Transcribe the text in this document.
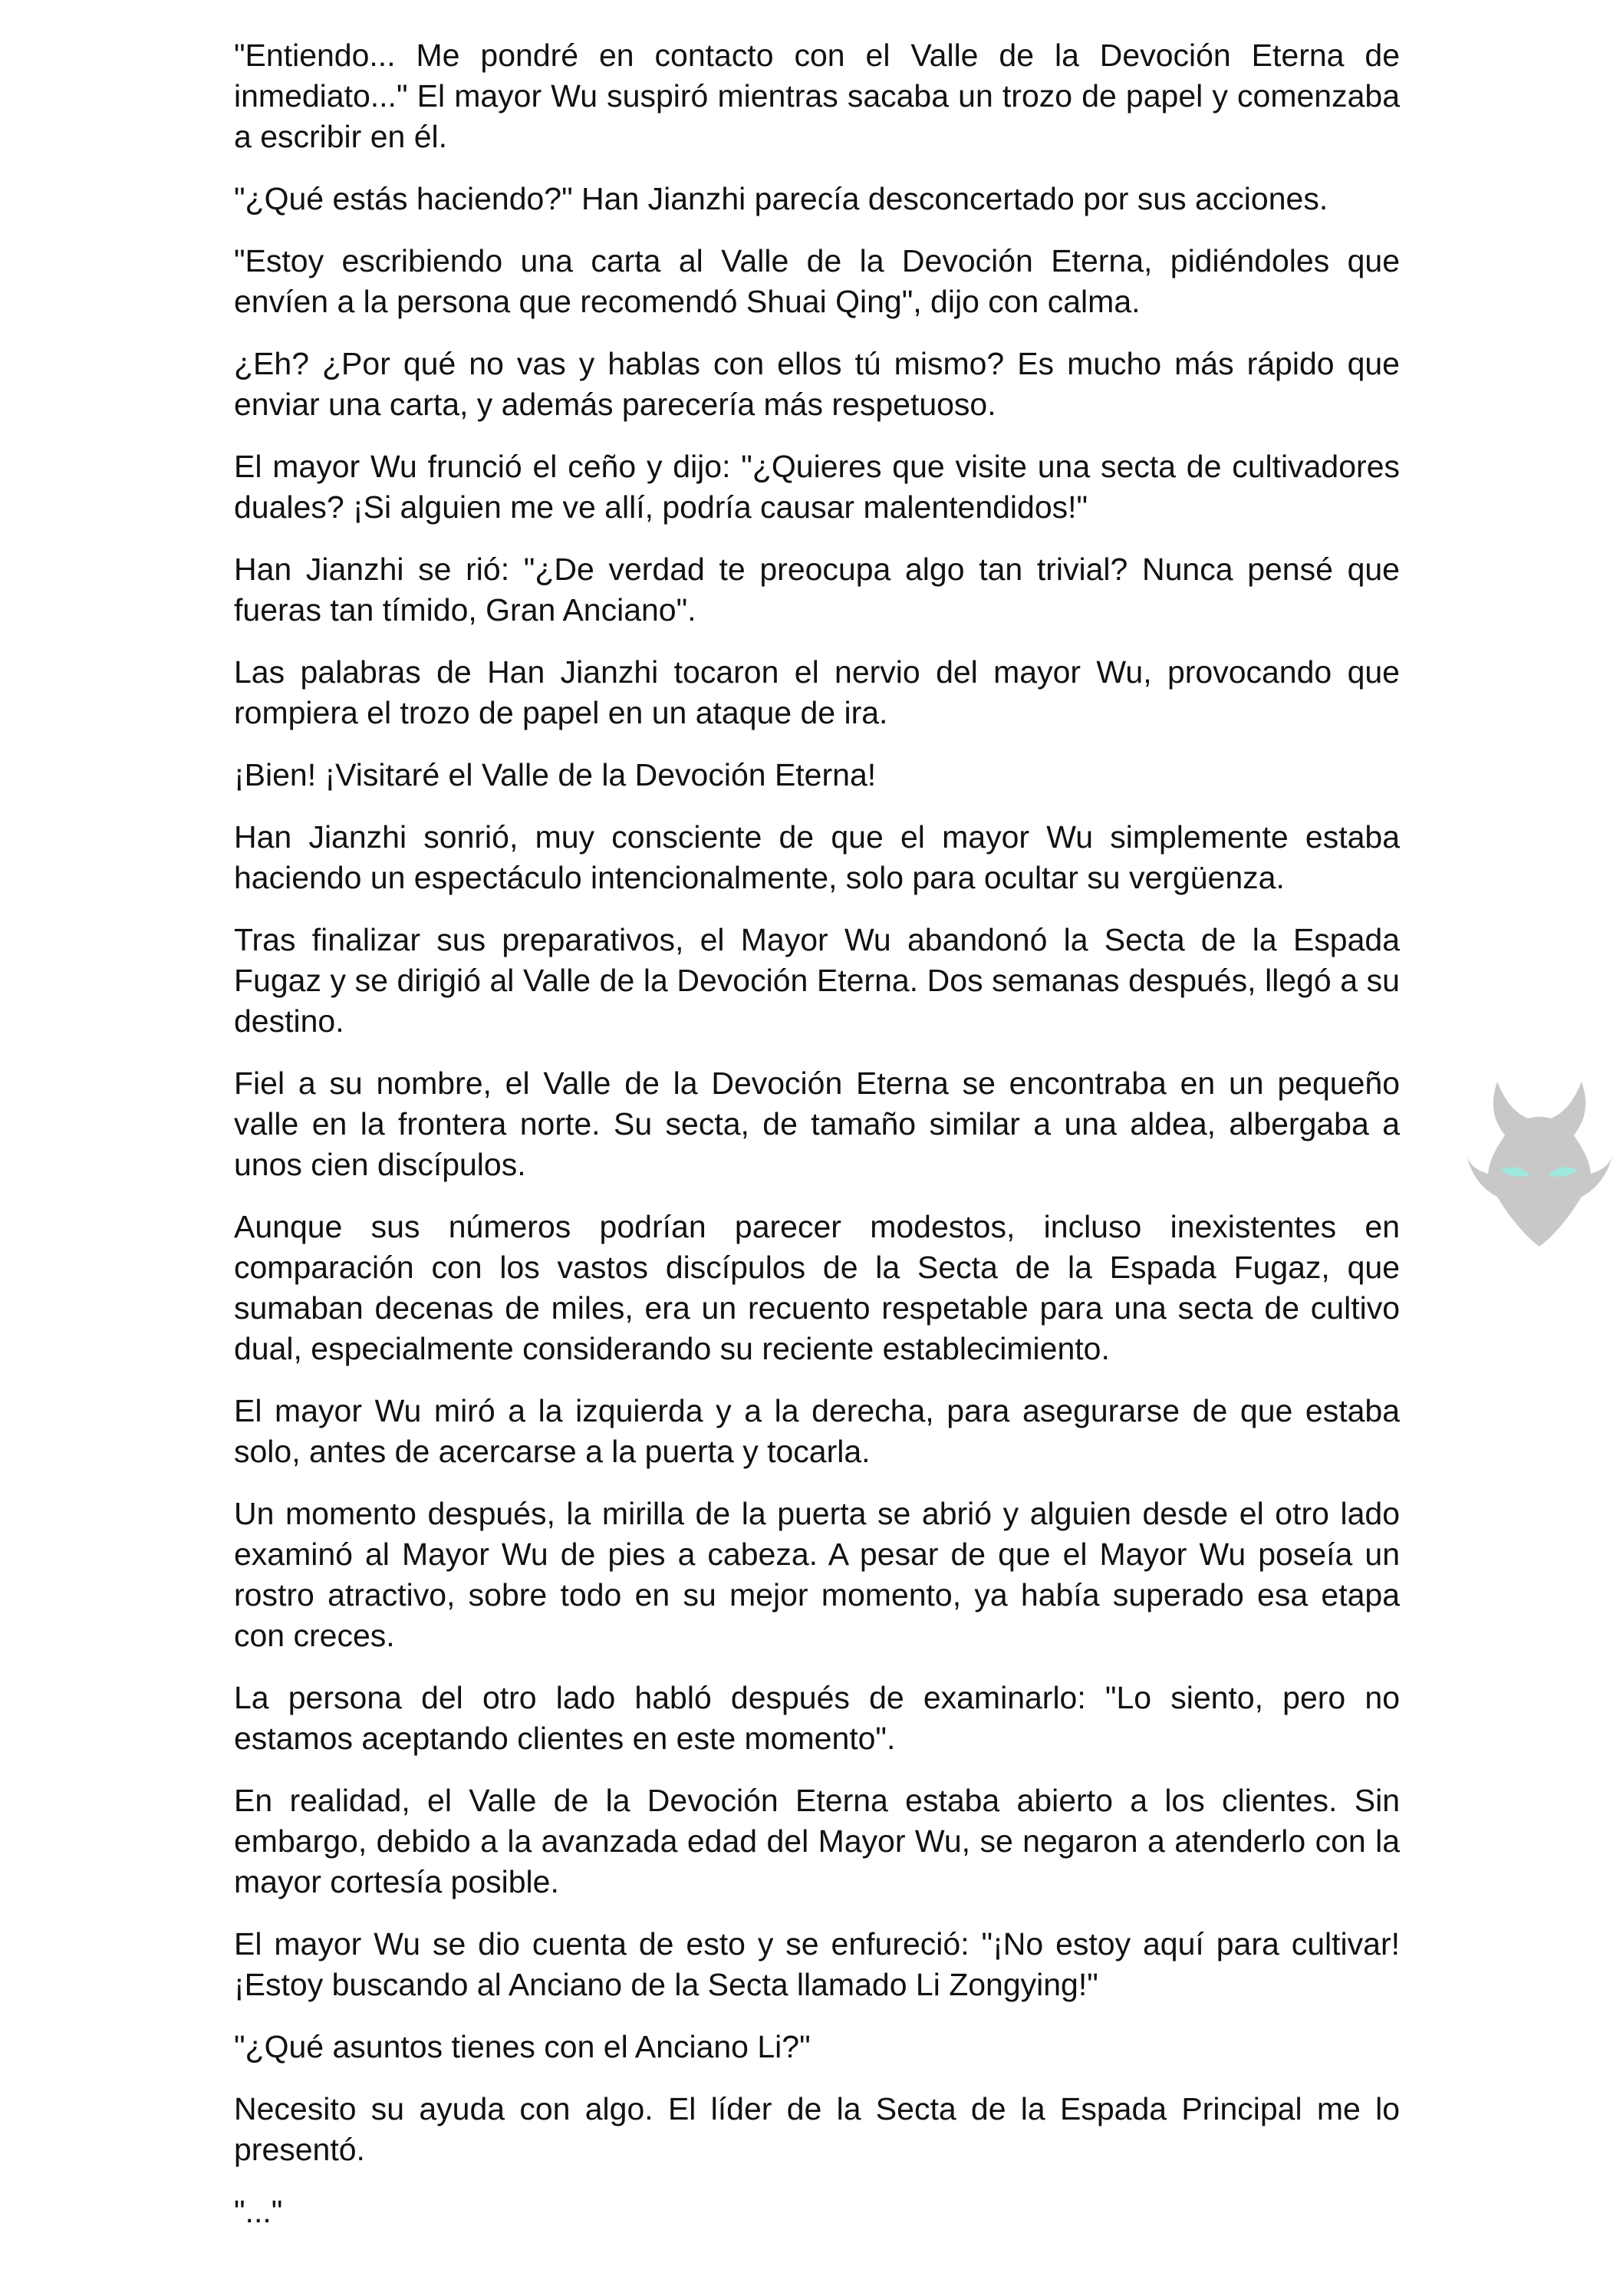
"Entiendo... Me pondré en contacto con el Valle de la Devoción Eterna de inmediato..." El mayor Wu suspiró mientras sacaba un trozo de papel y comenzaba a escribir en él.

"¿Qué estás haciendo?" Han Jianzhi parecía desconcertado por sus acciones.

"Estoy escribiendo una carta al Valle de la Devoción Eterna, pidiéndoles que envíen a la persona que recomendó Shuai Qing", dijo con calma.

¿Eh? ¿Por qué no vas y hablas con ellos tú mismo? Es mucho más rápido que enviar una carta, y además parecería más respetuoso.

El mayor Wu frunció el ceño y dijo: "¿Quieres que visite una secta de cultivadores duales? ¡Si alguien me ve allí, podría causar malentendidos!"

Han Jianzhi se rió: "¿De verdad te preocupa algo tan trivial? Nunca pensé que fueras tan tímido, Gran Anciano".

Las palabras de Han Jianzhi tocaron el nervio del mayor Wu, provocando que rompiera el trozo de papel en un ataque de ira.

¡Bien! ¡Visitaré el Valle de la Devoción Eterna!

Han Jianzhi sonrió, muy consciente de que el mayor Wu simplemente estaba haciendo un espectáculo intencionalmente, solo para ocultar su vergüenza.

Tras finalizar sus preparativos, el Mayor Wu abandonó la Secta de la Espada Fugaz y se dirigió al Valle de la Devoción Eterna. Dos semanas después, llegó a su destino.

Fiel a su nombre, el Valle de la Devoción Eterna se encontraba en un pequeño valle en la frontera norte. Su secta, de tamaño similar a una aldea, albergaba a unos cien discípulos.

Aunque sus números podrían parecer modestos, incluso inexistentes en comparación con los vastos discípulos de la Secta de la Espada Fugaz, que sumaban decenas de miles, era un recuento respetable para una secta de cultivo dual, especialmente considerando su reciente establecimiento.

El mayor Wu miró a la izquierda y a la derecha, para asegurarse de que estaba solo, antes de acercarse a la puerta y tocarla.

Un momento después, la mirilla de la puerta se abrió y alguien desde el otro lado examinó al Mayor Wu de pies a cabeza. A pesar de que el Mayor Wu poseía un rostro atractivo, sobre todo en su mejor momento, ya había superado esa etapa con creces.

La persona del otro lado habló después de examinarlo: "Lo siento, pero no estamos aceptando clientes en este momento".

En realidad, el Valle de la Devoción Eterna estaba abierto a los clientes. Sin embargo, debido a la avanzada edad del Mayor Wu, se negaron a atenderlo con la mayor cortesía posible.

El mayor Wu se dio cuenta de esto y se enfureció: "¡No estoy aquí para cultivar! ¡Estoy buscando al Anciano de la Secta llamado Li Zongying!"

"¿Qué asuntos tienes con el Anciano Li?"

Necesito su ayuda con algo. El líder de la Secta de la Espada Principal me lo presentó.

"..."
